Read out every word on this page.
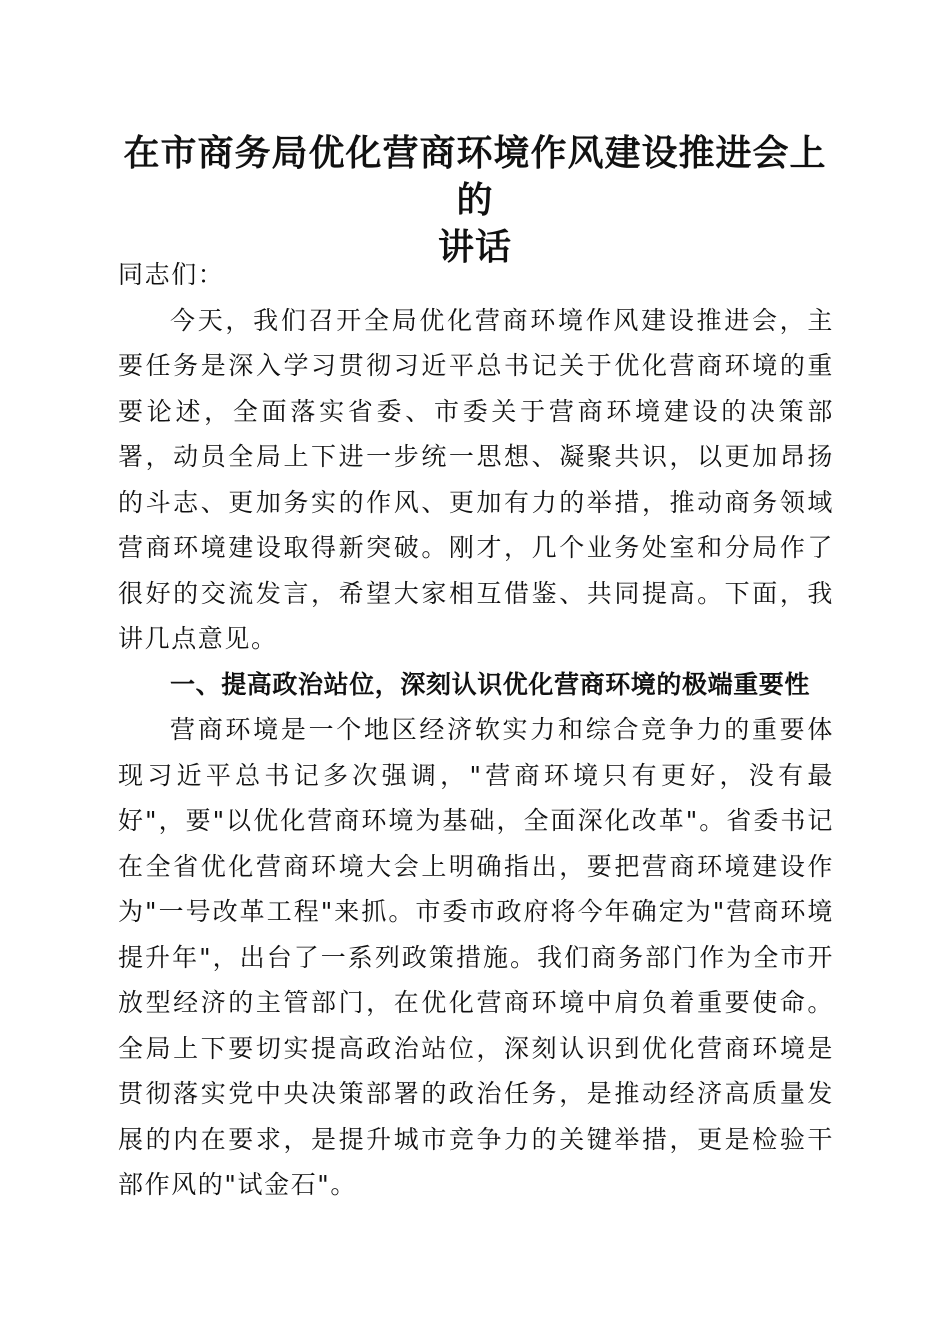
在市商务局优化营商环境作风建设推进会上的
讲话

同志们：

今天，我们召开全局优化营商环境作风建设推进会，主要任务是深入学习贯彻习近平总书记关于优化营商环境的重要论述，全面落实省委、市委关于营商环境建设的决策部署，动员全局上下进一步统一思想、凝聚共识，以更加昂扬的斗志、更加务实的作风、更加有力的举措，推动商务领域营商环境建设取得新突破。刚才，几个业务处室和分局作了很好的交流发言，希望大家相互借鉴、共同提高。下面，我讲几点意见。

一、提高政治站位，深刻认识优化营商环境的极端重要性

营商环境是一个地区经济软实力和综合竞争力的重要体现习近平总书记多次强调，"营商环境只有更好，没有最好"，要"以优化营商环境为基础，全面深化改革"。省委书记在全省优化营商环境大会上明确指出，要把营商环境建设作为"一号改革工程"来抓。市委市政府将今年确定为"营商环境提升年"，出台了一系列政策措施。我们商务部门作为全市开放型经济的主管部门，在优化营商环境中肩负着重要使命。全局上下要切实提高政治站位，深刻认识到优化营商环境是贯彻落实党中央决策部署的政治任务，是推动经济高质量发展的内在要求，是提升城市竞争力的关键举措，更是检验干部作风的"试金石"。
